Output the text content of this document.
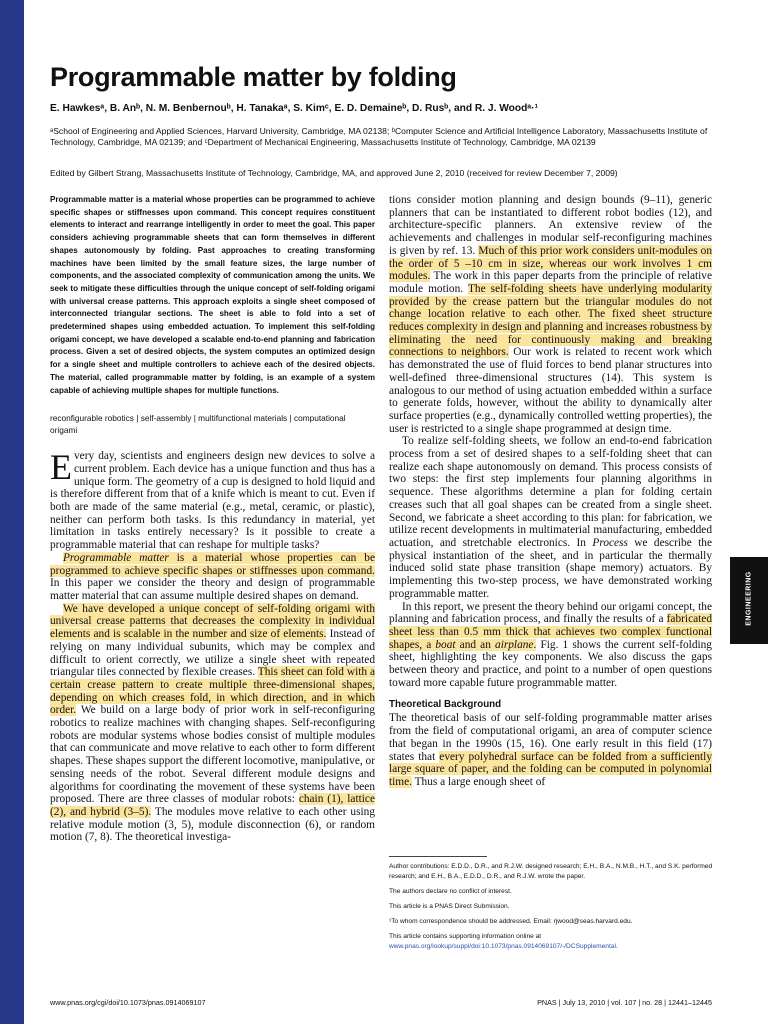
ENGINEERING
Programmable matter by folding
E. Hawkesᵃ, B. Anᵇ, N. M. Benbernouᵇ, H. Tanakaᵃ, S. Kimᶜ, E. D. Demaineᵇ, D. Rusᵇ, and R. J. Woodᵃ·¹
ᵃSchool of Engineering and Applied Sciences, Harvard University, Cambridge, MA 02138; ᵇComputer Science and Artificial Intelligence Laboratory, Massachusetts Institute of Technology, Cambridge, MA 02139; and ᶜDepartment of Mechanical Engineering, Massachusetts Institute of Technology, Cambridge, MA 02139
Edited by Gilbert Strang, Massachusetts Institute of Technology, Cambridge, MA, and approved June 2, 2010 (received for review December 7, 2009)

Programmable matter is a material whose properties can be programmed to achieve specific shapes or stiffnesses upon command. This concept requires constituent elements to interact and rearrange intelligently in order to meet the goal. This paper considers achieving programmable sheets that can form themselves in different shapes autonomously by folding. Past approaches to creating transforming machines have been limited by the small feature sizes, the large number of components, and the associated complexity of communication among the units. We seek to mitigate these difficulties through the unique concept of self-folding origami with universal crease patterns. This approach exploits a single sheet composed of interconnected triangular sections. The sheet is able to fold into a set of predetermined shapes using embedded actuation. To implement this self-folding origami concept, we have developed a scalable end-to-end planning and fabrication process. Given a set of desired objects, the system computes an optimized design for a single sheet and multiple controllers to achieve each of the desired objects. The material, called programmable matter by folding, is an example of a system capable of achieving multiple shapes for multiple functions.

reconfigurable robotics | self-assembly | multifunctional materials | computational origami

Every day, scientists and engineers design new devices to solve a current problem. Each device has a unique function and thus has a unique form. The geometry of a cup is designed to hold liquid and is therefore different from that of a knife which is meant to cut. Even if both are made of the same material (e.g., metal, ceramic, or plastic), neither can perform both tasks. Is this redundancy in material, yet limitation in tasks entirely necessary? Is it possible to create a programmable material that can reshape for multiple tasks?

Programmable matter is a material whose properties can be programmed to achieve specific shapes or stiffnesses upon command. In this paper we consider the theory and design of programmable matter material that can assume multiple desired shapes on demand.

We have developed a unique concept of self-folding origami with universal crease patterns that decreases the complexity in individual elements and is scalable in the number and size of elements. Instead of relying on many individual subunits, which may be complex and difficult to orient correctly, we utilize a single sheet with repeated triangular tiles connected by flexible creases. This sheet can fold with a certain crease pattern to create multiple three-dimensional shapes, depending on which creases fold, in which direction, and in which order. We build on a large body of prior work in self-reconfiguring robotics to realize machines with changing shapes. Self-reconfiguring robots are modular systems whose bodies consist of multiple modules that can communicate and move relative to each other to form different shapes. These shapes support the different locomotive, manipulative, or sensing needs of the robot. Several different module designs and algorithms for coordinating the movement of these systems have been proposed. There are three classes of modular robots: chain (1), lattice (2), and hybrid (3–5). The modules move relative to each other using relative module motion (3, 5), module disconnection (6), or random motion (7, 8). The theoretical investiga-

tions consider motion planning and design bounds (9–11), generic planners that can be instantiated to different robot bodies (12), and architecture-specific planners. An extensive review of the achievements and challenges in modular self-reconfiguring machines is given by ref. 13. Much of this prior work considers unit-modules on the order of 5 –10 cm in size, whereas our work involves 1 cm modules. The work in this paper departs from the principle of relative module motion. The self-folding sheets have underlying modularity provided by the crease pattern but the triangular modules do not change location relative to each other. The fixed sheet structure reduces complexity in design and planning and increases robustness by eliminating the need for continuously making and breaking connections to neighbors. Our work is related to recent work which has demonstrated the use of fluid forces to bend planar structures into well-defined three-dimensional structures (14). This system is analogous to our method of using actuation embedded within a surface to generate folds, however, without the ability to dynamically alter surface properties (e.g., dynamically controlled wetting properties), the user is restricted to a single shape programmed at design time.

To realize self-folding sheets, we follow an end-to-end fabrication process from a set of desired shapes to a self-folding sheet that can realize each shape autonomously on demand. This process consists of two steps: the first step implements four planning algorithms in sequence. These algorithms determine a plan for folding certain creases such that all goal shapes can be created from a single sheet. Second, we fabricate a sheet according to this plan: for fabrication, we utilize recent developments in multimaterial manufacturing, embedded actuation, and stretchable electronics. In Process we describe the physical instantiation of the sheet, and in particular the thermally induced solid state phase transition (shape memory) actuators. By implementing this two-step process, we have demonstrated working programmable matter.

In this report, we present the theory behind our origami concept, the planning and fabrication process, and finally the results of a fabricated sheet less than 0.5 mm thick that achieves two complex functional shapes, a boat and an airplane. Fig. 1 shows the current self-folding sheet, highlighting the key components. We also discuss the gaps between theory and practice, and point to a number of open questions toward more capable future programmable matter.

Theoretical Background

The theoretical basis of our self-folding programmable matter arises from the field of computational origami, an area of computer science that began in the 1990s (15, 16). One early result in this field (17) states that every polyhedral surface can be folded from a sufficiently large square of paper, and the folding can be computed in polynomial time. Thus a large enough sheet of

Author contributions: E.D.D., D.R., and R.J.W. designed research; E.H., B.A., N.M.B., H.T., and S.K. performed research; and E.H., B.A., E.D.D., D.R., and R.J.W. wrote the paper.

The authors declare no conflict of interest.

This article is a PNAS Direct Submission.

¹To whom correspondence should be addressed. Email: rjwood@seas.harvard.edu.

This article contains supporting information online at www.pnas.org/lookup/suppl/doi:10.1073/pnas.0914069107/-/DCSupplemental.

www.pnas.org/cgi/doi/10.1073/pnas.0914069107	PNAS | July 13, 2010 | vol. 107 | no. 28 | 12441–12445
